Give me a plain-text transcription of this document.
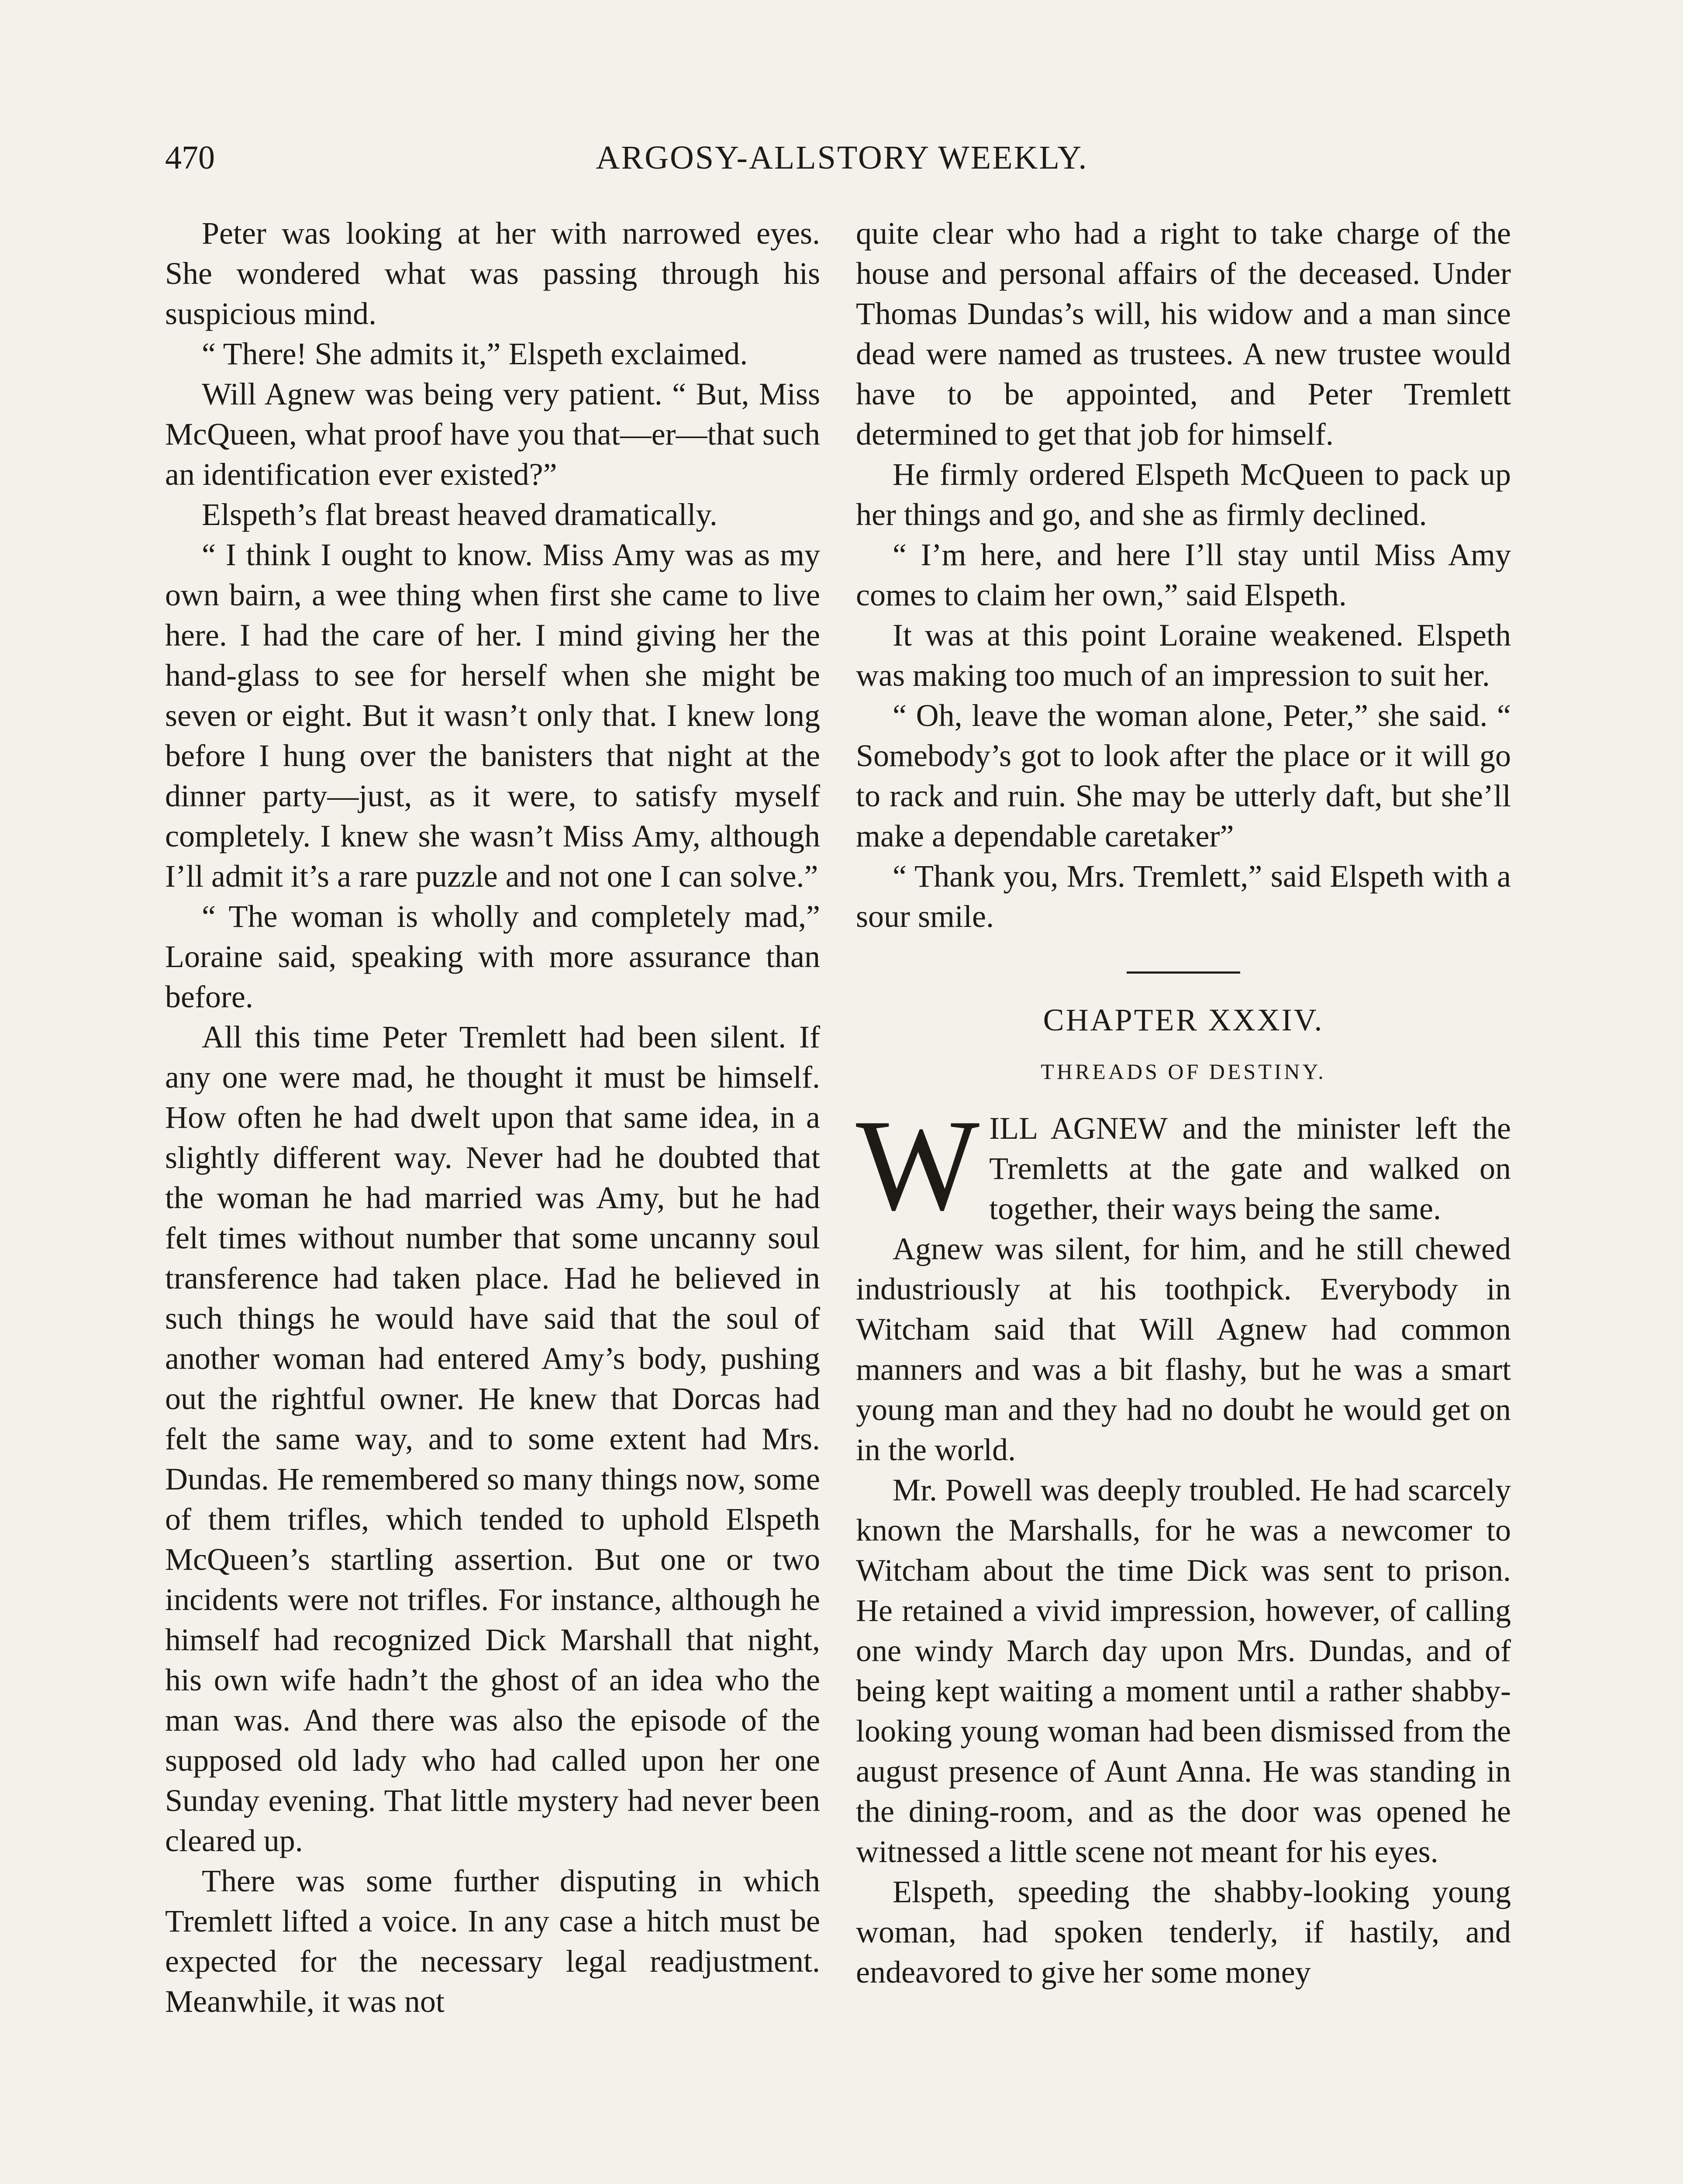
470	ARGOSY-ALLSTORY WEEKLY.

Peter was looking at her with narrowed eyes. She wondered what was passing through his suspicious mind.

“ There! She admits it,” Elspeth exclaimed.

Will Agnew was being very patient. “ But, Miss McQueen, what proof have you that—er—that such an identification ever existed?”

Elspeth’s flat breast heaved dramatically.

“ I think I ought to know. Miss Amy was as my own bairn, a wee thing when first she came to live here. I had the care of her. I mind giving her the hand-glass to see for herself when she might be seven or eight. But it wasn’t only that. I knew long before I hung over the banisters that night at the dinner party—just, as it were, to satisfy myself completely. I knew she wasn’t Miss Amy, although I’ll admit it’s a rare puzzle and not one I can solve.”

“ The woman is wholly and completely mad,” Loraine said, speaking with more assurance than before.

All this time Peter Tremlett had been silent. If any one were mad, he thought it must be himself. How often he had dwelt upon that same idea, in a slightly different way. Never had he doubted that the woman he had married was Amy, but he had felt times without number that some uncanny soul transference had taken place. Had he believed in such things he would have said that the soul of another woman had entered Amy’s body, pushing out the rightful owner. He knew that Dorcas had felt the same way, and to some extent had Mrs. Dundas. He remembered so many things now, some of them trifles, which tended to uphold Elspeth McQueen’s startling assertion. But one or two incidents were not trifles. For instance, although he himself had recognized Dick Marshall that night, his own wife hadn’t the ghost of an idea who the man was. And there was also the episode of the supposed old lady who had called upon her one Sunday evening. That little mystery had never been cleared up.

There was some further disputing in which Tremlett lifted a voice. In any case a hitch must be expected for the necessary legal readjustment. Meanwhile, it was not

quite clear who had a right to take charge of the house and personal affairs of the deceased. Under Thomas Dundas’s will, his widow and a man since dead were named as trustees. A new trustee would have to be appointed, and Peter Tremlett determined to get that job for himself.

He firmly ordered Elspeth McQueen to pack up her things and go, and she as firmly declined.

“ I’m here, and here I’ll stay until Miss Amy comes to claim her own,” said Elspeth.

It was at this point Loraine weakened. Elspeth was making too much of an impression to suit her.

“ Oh, leave the woman alone, Peter,” she said. “ Somebody’s got to look after the place or it will go to rack and ruin. She may be utterly daft, but she’ll make a dependable caretaker”

“ Thank you, Mrs. Tremlett,” said Elspeth with a sour smile.

CHAPTER XXXIV.
THREADS OF DESTINY.

WILL AGNEW and the minister left the Tremletts at the gate and walked on together, their ways being the same.

Agnew was silent, for him, and he still chewed industriously at his toothpick. Everybody in Witcham said that Will Agnew had common manners and was a bit flashy, but he was a smart young man and they had no doubt he would get on in the world.

Mr. Powell was deeply troubled. He had scarcely known the Marshalls, for he was a newcomer to Witcham about the time Dick was sent to prison. He retained a vivid impression, however, of calling one windy March day upon Mrs. Dundas, and of being kept waiting a moment until a rather shabby-looking young woman had been dismissed from the august presence of Aunt Anna. He was standing in the dining-room, and as the door was opened he witnessed a little scene not meant for his eyes.

Elspeth, speeding the shabby-looking young woman, had spoken tenderly, if hastily, and endeavored to give her some money
